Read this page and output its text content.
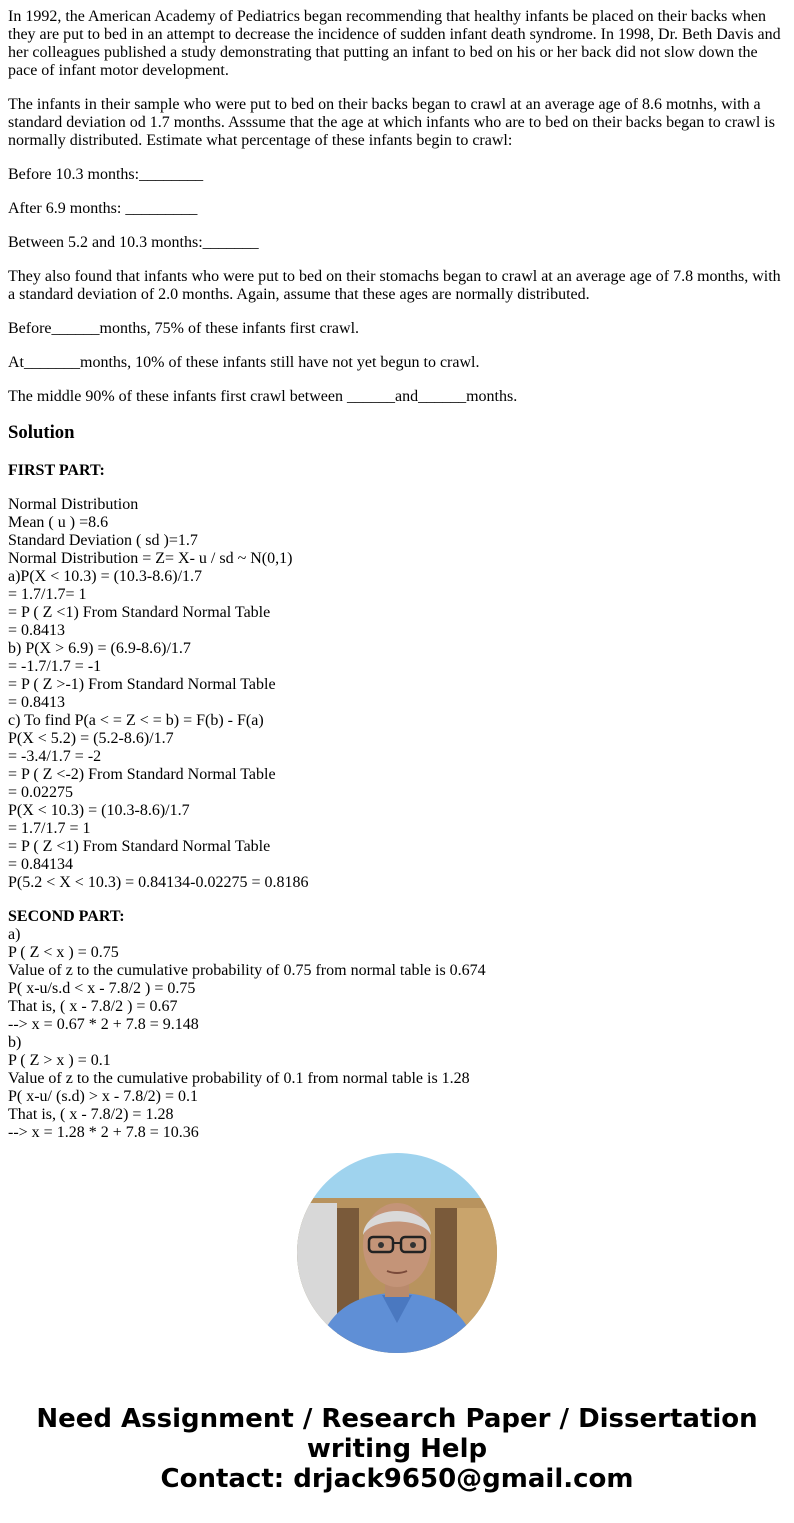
In 1992, the American Academy of Pediatrics began recommending that healthy infants be placed on their backs when they are put to bed in an attempt to decrease the incidence of sudden infant death syndrome. In 1998, Dr. Beth Davis and her colleagues published a study demonstrating that putting an infant to bed on his or her back did not slow down the pace of infant motor development.

The infants in their sample who were put to bed on their backs began to crawl at an average age of 8.6 motnhs, with a standard deviation od 1.7 months. Asssume that the age at which infants who are to bed on their backs began to crawl is normally distributed. Estimate what percentage of these infants begin to crawl:

Before 10.3 months:________

After 6.9 months: _________

Between 5.2 and 10.3 months:_______

They also found that infants who were put to bed on their stomachs began to crawl at an average age of 7.8 months, with a standard deviation of 2.0 months. Again, assume that these ages are normally distributed.

Before______months, 75% of these infants first crawl.

At_______months, 10% of these infants still have not yet begun to crawl.

The middle 90% of these infants first crawl between ______and______months.

Solution
FIRST PART:
Normal Distribution
Mean ( u ) =8.6
Standard Deviation ( sd )=1.7
Normal Distribution = Z= X- u / sd ~ N(0,1)
a)P(X < 10.3) = (10.3-8.6)/1.7
= 1.7/1.7= 1
= P ( Z <1) From Standard Normal Table
= 0.8413
b) P(X > 6.9) = (6.9-8.6)/1.7
= -1.7/1.7 = -1
= P ( Z >-1) From Standard Normal Table
= 0.8413
c) To find P(a < = Z < = b) = F(b) - F(a)
P(X < 5.2) = (5.2-8.6)/1.7
= -3.4/1.7 = -2
= P ( Z <-2) From Standard Normal Table
= 0.02275
P(X < 10.3) = (10.3-8.6)/1.7
= 1.7/1.7 = 1
= P ( Z <1) From Standard Normal Table
= 0.84134
P(5.2 < X < 10.3) = 0.84134-0.02275 = 0.8186
SECOND PART:
a)
P ( Z < x ) = 0.75
Value of z to the cumulative probability of 0.75 from normal table is 0.674
P( x-u/s.d < x - 7.8/2 ) = 0.75
That is, ( x - 7.8/2 ) = 0.67
--> x = 0.67 * 2 + 7.8 = 9.148
b)
P ( Z > x ) = 0.1
Value of z to the cumulative probability of 0.1 from normal table is 1.28
P( x-u/ (s.d) > x - 7.8/2) = 0.1
That is, ( x - 7.8/2) = 1.28
--> x = 1.28 * 2 + 7.8 = 10.36
Need Assignment / Research Paper / Dissertation
writing Help
Contact: drjack9650@gmail.com
